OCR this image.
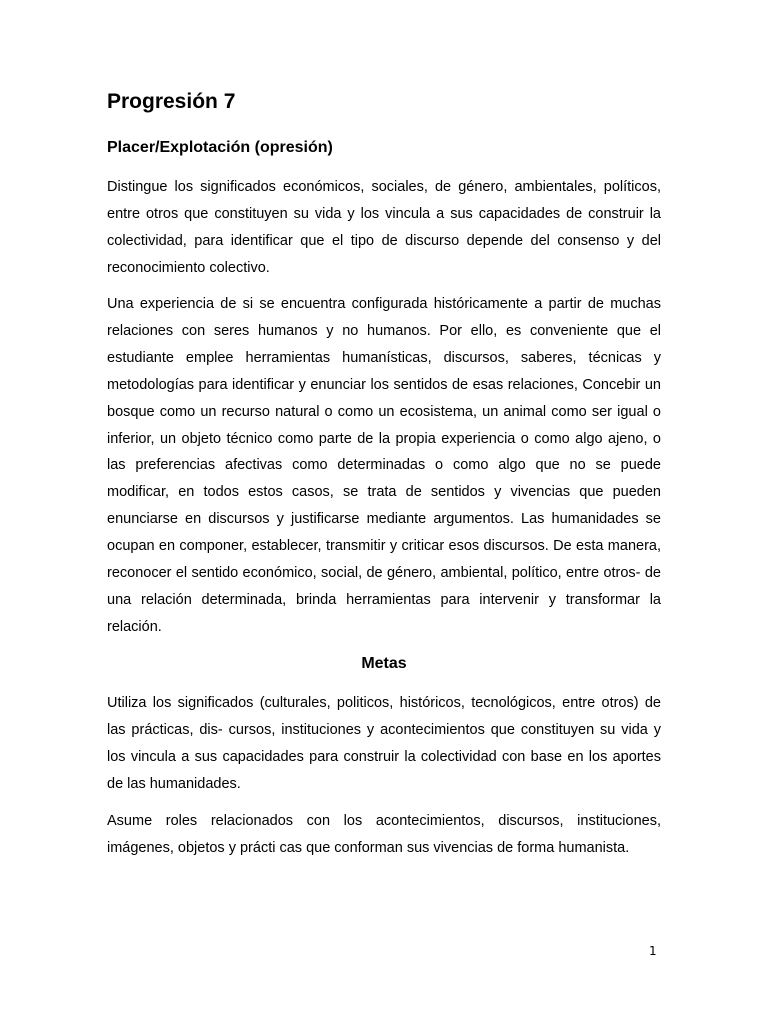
Progresión 7
Placer/Explotación (opresión)

Distingue los significados económicos, sociales, de género, ambientales, políticos, entre otros que constituyen su vida y los vincula a sus capacidades de construir la colectividad, para identificar que el tipo de discurso depende del consenso y del reconocimiento colectivo.

Una experiencia de si se encuentra configurada históricamente a partir de muchas relaciones con seres humanos y no humanos. Por ello, es conveniente que el estudiante emplee herramientas humanísticas, discursos, saberes, técnicas y metodologías para identificar y enunciar los sentidos de esas relaciones, Concebir un bosque como un recurso natural o como un ecosistema, un animal como ser igual o inferior, un objeto técnico como parte de la propia experiencia o como algo ajeno, o las preferencias afectivas como determinadas o como algo que no se puede modificar, en todos estos casos, se trata de sentidos y vivencias que pueden enunciarse en discursos y justificarse mediante argumentos. Las humanidades se ocupan en componer, establecer, transmitir y criticar esos discursos. De esta manera, reconocer el sentido económico, social, de género, ambiental, político, entre otros- de una relación determinada, brinda herramientas para intervenir y transformar la relación.

Metas

Utiliza los significados (culturales, politicos, históricos, tecnológicos, entre otros) de las prácticas, dis- cursos, instituciones y acontecimientos que constituyen su vida y los vincula a sus capacidades para construir la colectividad con base en los aportes de las humanidades.

Asume roles relacionados con los acontecimientos, discursos, instituciones, imágenes, objetos y prácti cas que conforman sus vivencias de forma humanista.

1
